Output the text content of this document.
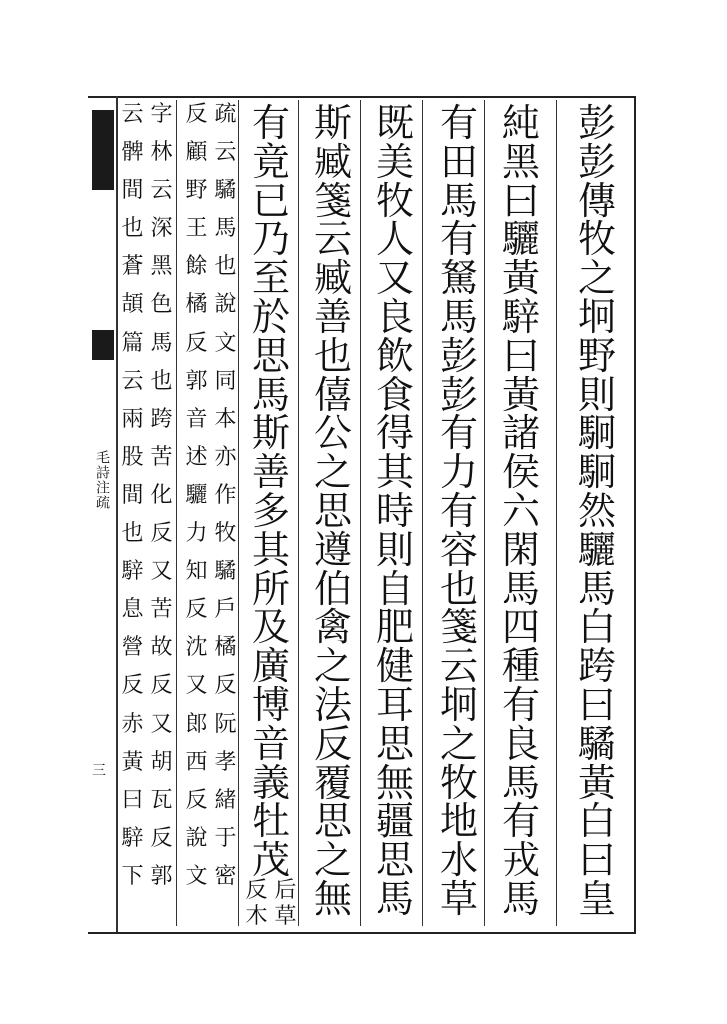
毛詩注疏
三
彭
彭
傳
牧
之
坰
野
則
駉
駉
然
驪
馬
白
跨
曰
驈
黃
白
曰
皇
純
黑
曰
驪
黃
騂
曰
黃
諸
侯
六
閑
馬
四
種
有
良
馬
有
戎
馬
有
田
馬
有
駑
馬
彭
彭
有
力
有
容
也
箋
云
坰
之
牧
地
水
草
既
美
牧
人
又
良
飲
食
得
其
時
則
自
肥
健
耳
思
無
疆
思
馬
斯
臧
箋
云
臧
善
也
僖
公
之
思
遵
伯
禽
之
法
反
覆
思
之
無
有
竟
已
乃
至
於
思
馬
斯
善
多
其
所
及
廣
博
音
義
牡
茂
后
反
草
木
疏
云
驈
馬
也
說
文
同
本
亦
作
牧
驈
戶
橘
反
阮
孝
緒
于
密
反
顧
野
王
餘
橘
反
郭
音
述
驪
力
知
反
沈
又
郎
西
反
說
文
字
林
云
深
黑
色
馬
也
跨
苦
化
反
又
苦
故
反
又
胡
瓦
反
郭
云
髀
間
也
蒼
頡
篇
云
兩
股
間
也
騂
息
營
反
赤
黃
曰
騂
下
